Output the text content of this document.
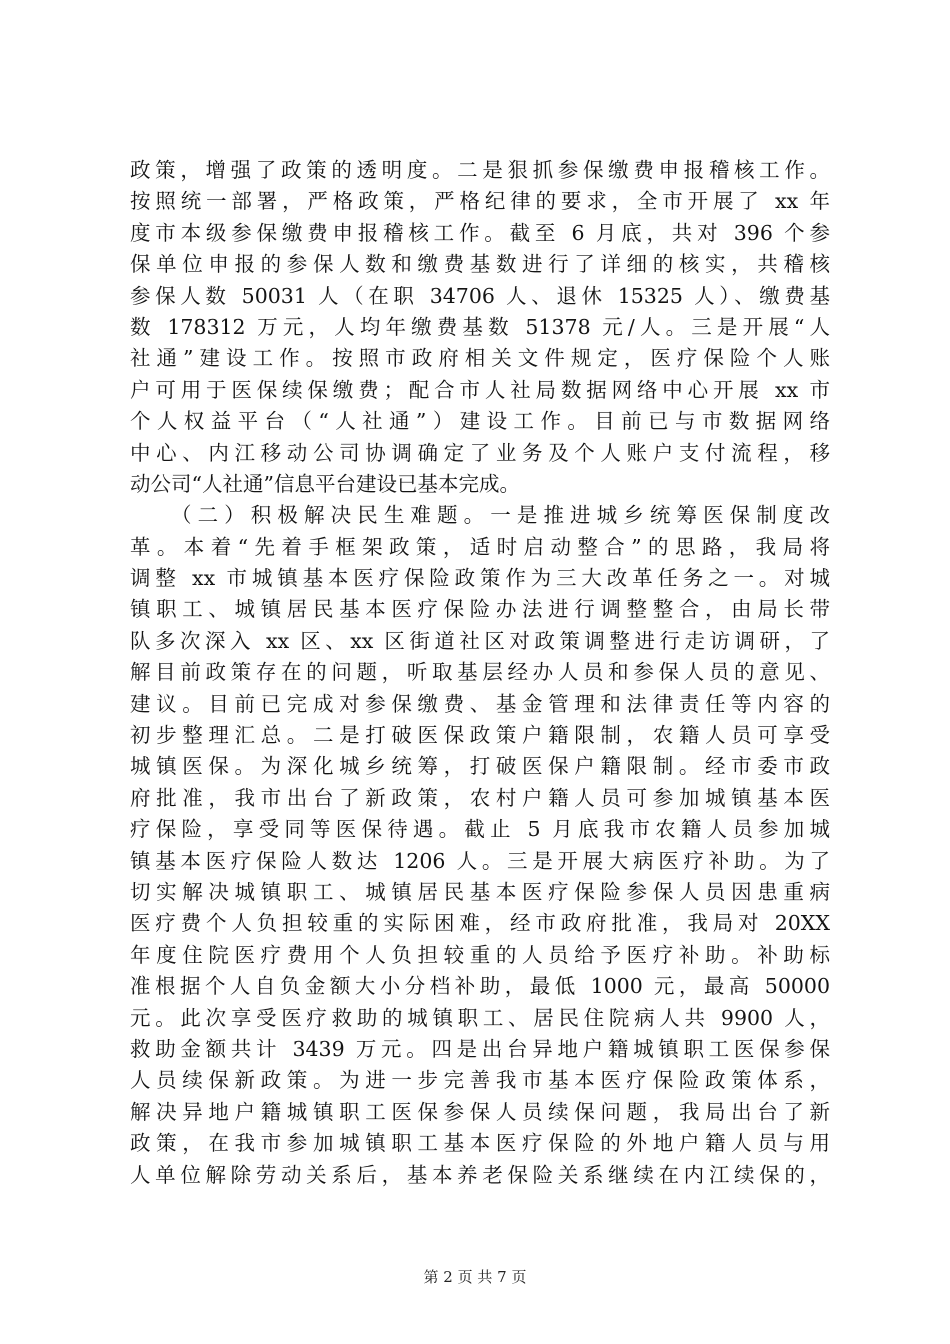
政策，增强了政策的透明度。二是狠抓参保缴费申报稽核工作。
按照统一部署，严格政策，严格纪律的要求，全市开展了 xx 年
度市本级参保缴费申报稽核工作。截至 6 月底，共对 396 个参
保单位申报的参保人数和缴费基数进行了详细的核实，共稽核
参保人数 50031 人（在职 34706 人、退休 15325 人）、缴费基
数 178312 万元，人均年缴费基数 51378 元/人。三是开展“人
社通”建设工作。按照市政府相关文件规定，医疗保险个人账
户可用于医保续保缴费；配合市人社局数据网络中心开展 xx 市
个人权益平台（“人社通”）建设工作。目前已与市数据网络
中心、内江移动公司协调确定了业务及个人账户支付流程，移
动公司“人社通”信息平台建设已基本完成。
（二）积极解决民生难题。一是推进城乡统筹医保制度改
革。本着“先着手框架政策，适时启动整合”的思路，我局将
调整 xx 市城镇基本医疗保险政策作为三大改革任务之一。对城
镇职工、城镇居民基本医疗保险办法进行调整整合，由局长带
队多次深入 xx 区、xx 区街道社区对政策调整进行走访调研，了
解目前政策存在的问题，听取基层经办人员和参保人员的意见、
建议。目前已完成对参保缴费、基金管理和法律责任等内容的
初步整理汇总。二是打破医保政策户籍限制，农籍人员可享受
城镇医保。为深化城乡统筹，打破医保户籍限制。经市委市政
府批准，我市出台了新政策，农村户籍人员可参加城镇基本医
疗保险，享受同等医保待遇。截止 5 月底我市农籍人员参加城
镇基本医疗保险人数达 1206 人。三是开展大病医疗补助。为了
切实解决城镇职工、城镇居民基本医疗保险参保人员因患重病
医疗费个人负担较重的实际困难，经市政府批准，我局对 20XX
年度住院医疗费用个人负担较重的人员给予医疗补助。补助标
准根据个人自负金额大小分档补助，最低 1000 元，最高 50000
元。此次享受医疗救助的城镇职工、居民住院病人共 9900 人，
救助金额共计 3439 万元。四是出台异地户籍城镇职工医保参保
人员续保新政策。为进一步完善我市基本医疗保险政策体系，
解决异地户籍城镇职工医保参保人员续保问题，我局出台了新
政策，在我市参加城镇职工基本医疗保险的外地户籍人员与用
人单位解除劳动关系后，基本养老保险关系继续在内江续保的，
第 2 页 共 7 页
